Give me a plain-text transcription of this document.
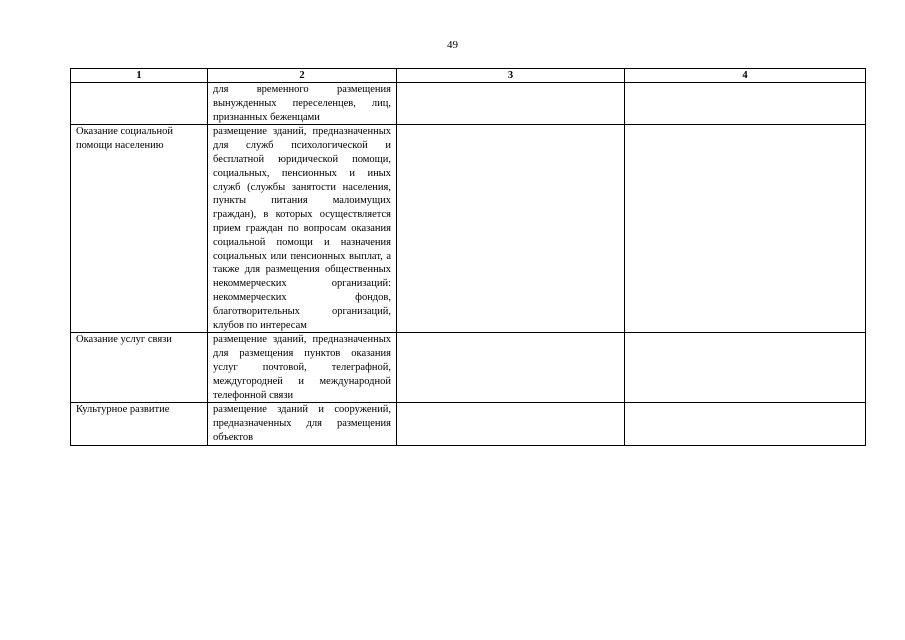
49
1	2	3	4
	для временного размещения вынужденных переселенцев, лиц, признанных беженцами		
Оказание социальной помощи населению	размещение зданий, предназначенных для служб психологической и бесплатной юридической помощи, социальных, пенсионных и иных служб (службы занятости населения, пункты питания малоимущих граждан), в которых осуществляется прием граждан по вопросам оказания социальной помощи и назначения социальных или пенсионных выплат, а также для размещения общественных некоммерческих организаций: некоммерческих фондов, благотворительных организаций, клубов по интересам		
Оказание услуг связи	размещение зданий, предназначенных для размещения пунктов оказания услуг почтовой, телеграфной, междугородней и международной телефонной связи		
Культурное развитие	размещение зданий и сооружений, предназначенных для размещения объектов		
